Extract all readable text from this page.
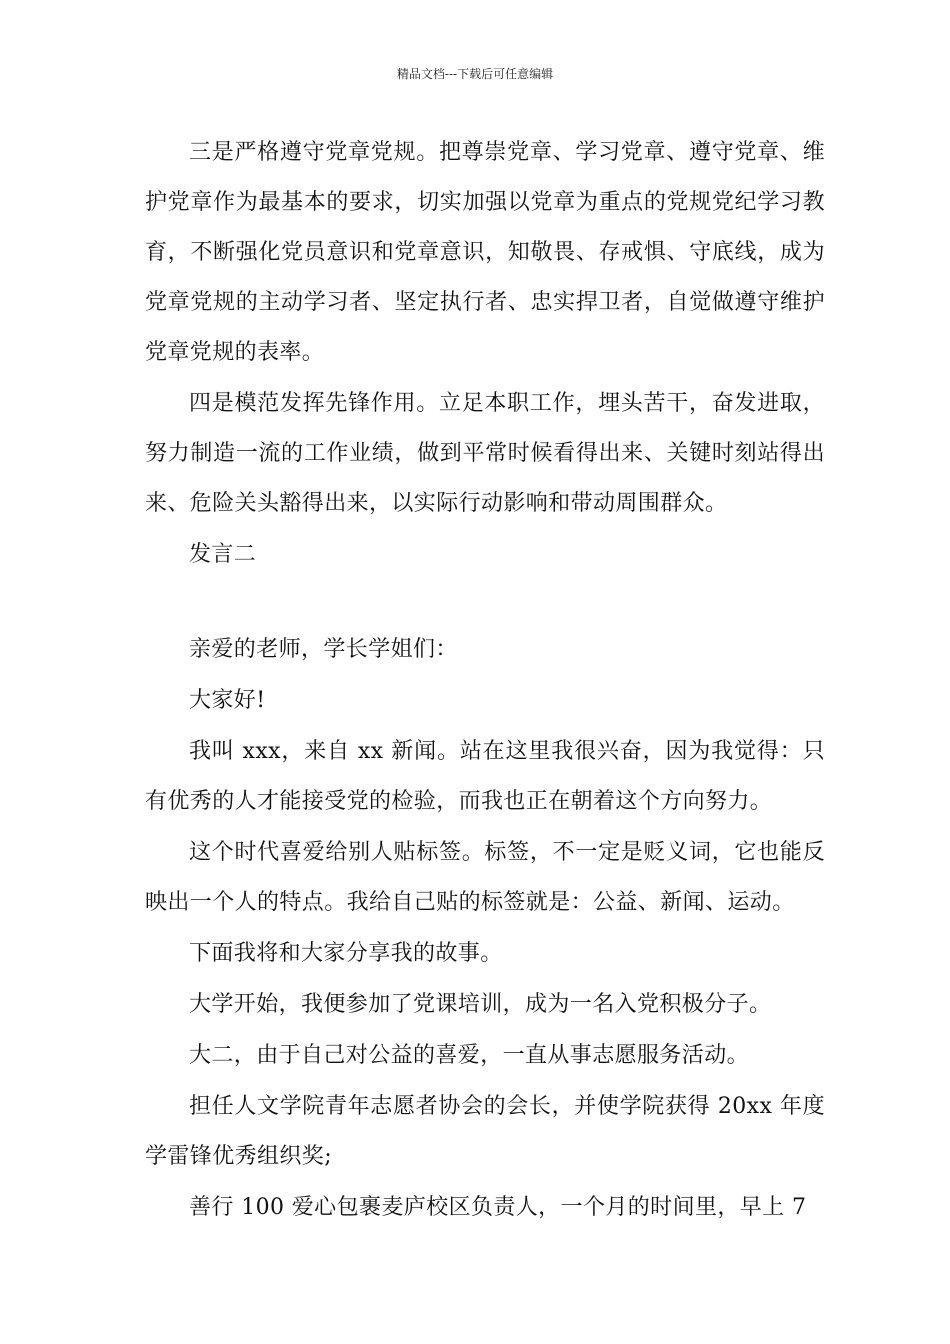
精品文档---下载后可任意编辑

三是严格遵守党章党规。把尊崇党章、学习党章、遵守党章、维护党章作为最基本的要求，切实加强以党章为重点的党规党纪学习教育，不断强化党员意识和党章意识，知敬畏、存戒惧、守底线，成为党章党规的主动学习者、坚定执行者、忠实捍卫者，自觉做遵守维护党章党规的表率。

四是模范发挥先锋作用。立足本职工作，埋头苦干，奋发进取，努力制造一流的工作业绩，做到平常时候看得出来、关键时刻站得出来、危险关头豁得出来，以实际行动影响和带动周围群众。

发言二

亲爱的老师，学长学姐们：

大家好!

我叫 xxx，来自 xx 新闻。站在这里我很兴奋，因为我觉得：只有优秀的人才能接受党的检验，而我也正在朝着这个方向努力。

这个时代喜爱给别人贴标签。标签，不一定是贬义词，它也能反映出一个人的特点。我给自己贴的标签就是：公益、新闻、运动。

下面我将和大家分享我的故事。

大学开始，我便参加了党课培训，成为一名入党积极分子。

大二，由于自己对公益的喜爱，一直从事志愿服务活动。

担任人文学院青年志愿者协会的会长，并使学院获得 20xx 年度学雷锋优秀组织奖;

善行 100 爱心包裹麦庐校区负责人，一个月的时间里，早上 7
